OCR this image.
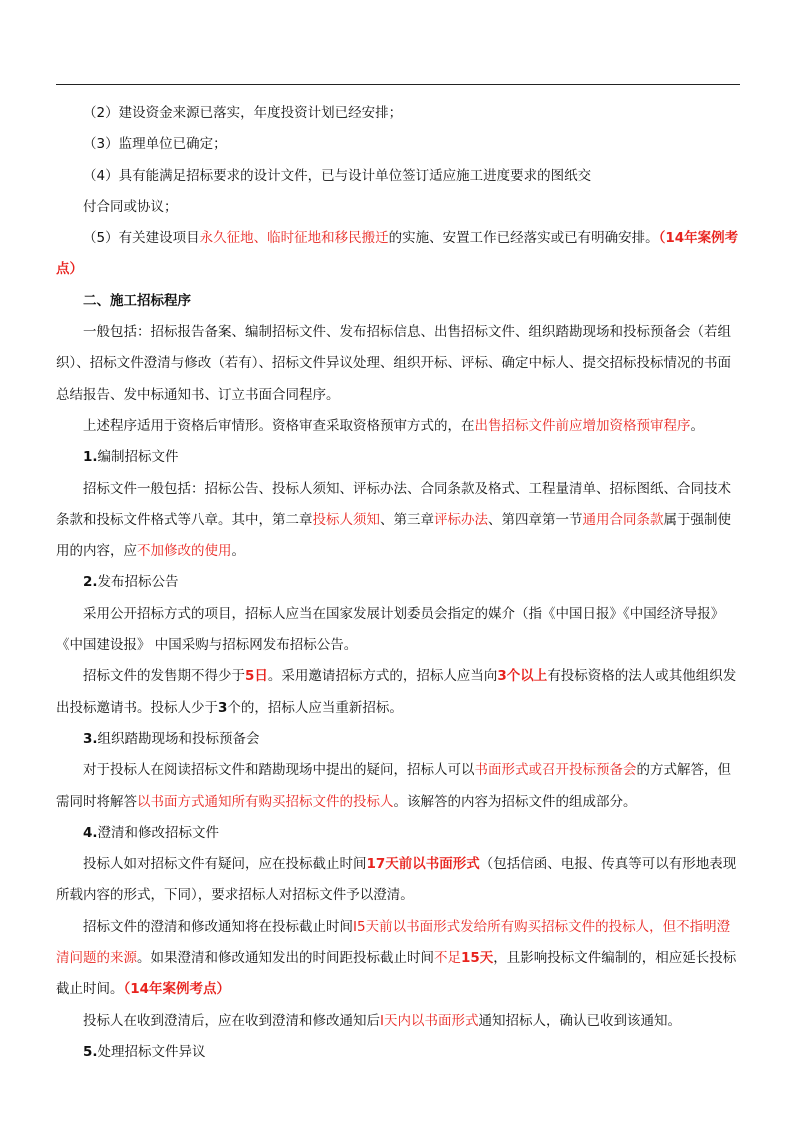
（2）建设资金来源已落实，年度投资计划已经安排；

（3）监理单位已确定；

（4）具有能满足招标要求的设计文件，已与设计单位签订适应施工进度要求的图纸交

付合同或协议；

（5）有关建设项目永久征地、临时征地和移民搬迁的实施、安置工作已经落实或已有明确安排。（14年案例考点）

二、施工招标程序

一般包括：招标报告备案、编制招标文件、发布招标信息、出售招标文件、组织踏勘现场和投标预备会（若组织）、招标文件澄清与修改（若有）、招标文件异议处理、组织开标、评标、确定中标人、提交招标投标情况的书面总结报告、发中标通知书、订立书面合同程序。

上述程序适用于资格后审情形。资格审查采取资格预审方式的，在出售招标文件前应增加资格预审程序。

1.编制招标文件

招标文件一般包括：招标公告、投标人须知、评标办法、合同条款及格式、工程量清单、招标图纸、合同技术条款和投标文件格式等八章。其中，第二章投标人须知、第三章评标办法、第四章第一节通用合同条款属于强制使用的内容，应不加修改的使用。

2.发布招标公告

采用公开招标方式的项目，招标人应当在国家发展计划委员会指定的媒介（指《中国日报》《中国经济导报》《中国建设报》 中国采购与招标网发布招标公告。

招标文件的发售期不得少于5日。采用邀请招标方式的，招标人应当向3个以上有投标资格的法人或其他组织发出投标邀请书。投标人少于3个的，招标人应当重新招标。

3.组织踏勘现场和投标预备会

对于投标人在阅读招标文件和踏勘现场中提出的疑问，招标人可以书面形式或召开投标预备会的方式解答，但需同时将解答以书面方式通知所有购买招标文件的投标人。该解答的内容为招标文件的组成部分。

4.澄清和修改招标文件

投标人如对招标文件有疑问，应在投标截止时间17天前以书面形式（包括信函、电报、传真等可以有形地表现所载内容的形式，下同），要求招标人对招标文件予以澄清。

招标文件的澄清和修改通知将在投标截止时间I5天前以书面形式发给所有购买招标文件的投标人，但不指明澄清问题的来源。如果澄清和修改通知发出的时间距投标截止时间不足15天，且影响投标文件编制的，相应延长投标截止时间。（14年案例考点）

投标人在收到澄清后，应在收到澄清和修改通知后I天内以书面形式通知招标人，确认已收到该通知。

5.处理招标文件异议
